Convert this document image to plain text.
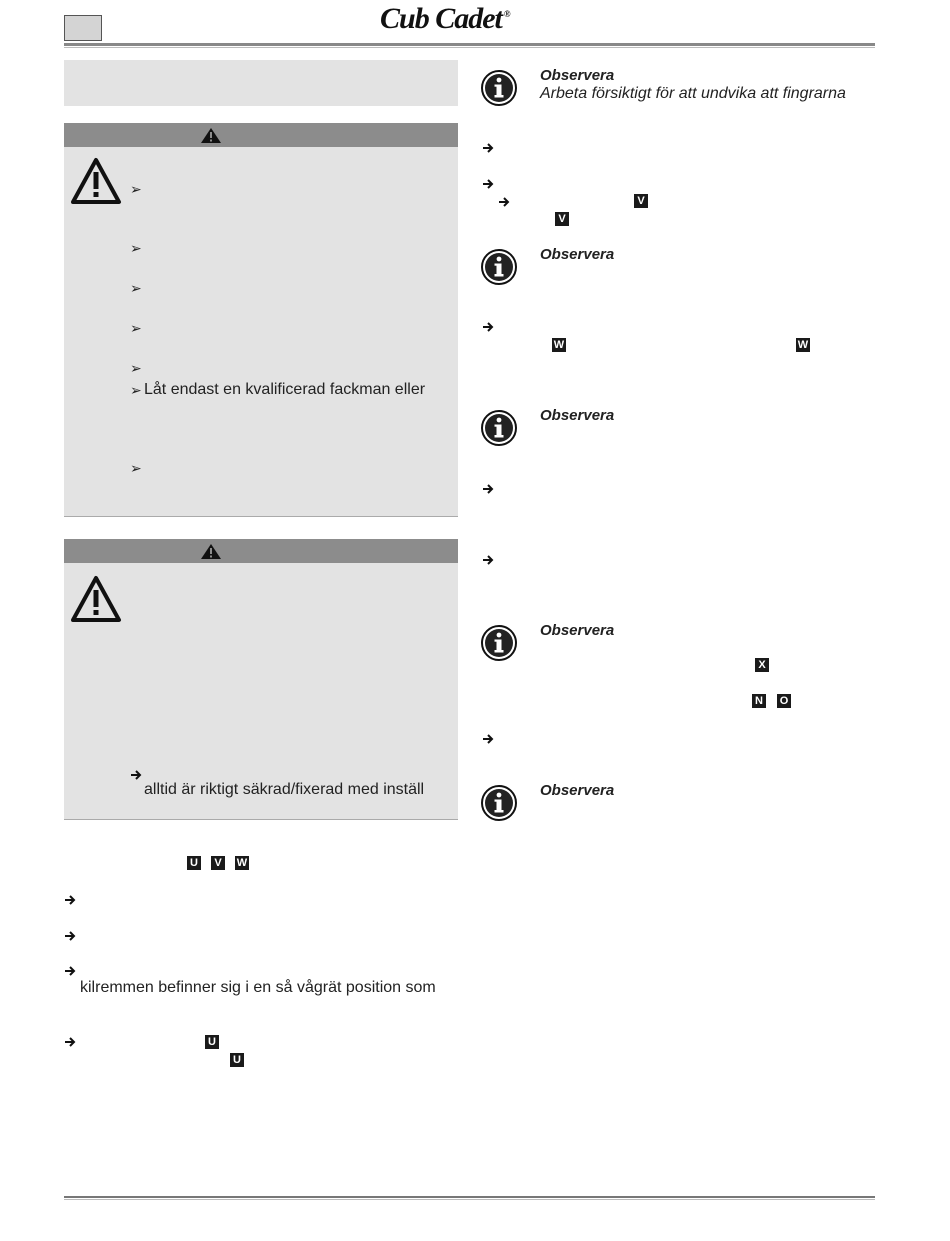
Cub Cadet ®
➢
➢
➢
➢
➢
➢ Låt endast en kvalificerad fackman eller
➢
alltid är riktigt säkrad/fixerad med inställ
U	V	W
kilremmen befinner sig i en så vågrät position som
U
U
Observera
Arbeta försiktigt för att undvika att fingrarna
V
V
Observera
W	W
Observera
Observera
X
N O
Observera
